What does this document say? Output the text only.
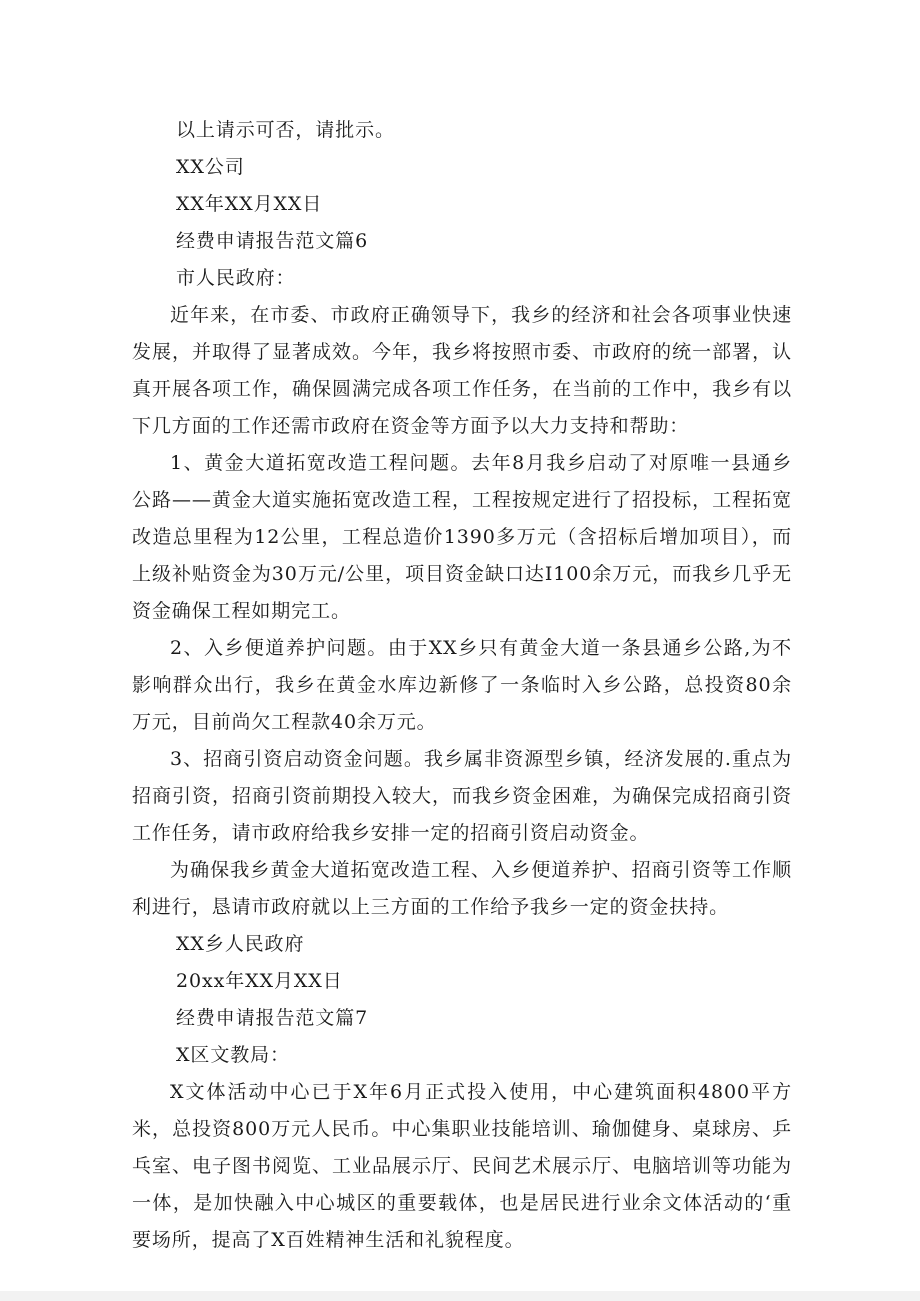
以上请示可否，请批示。

XX公司

XX年XX月XX日

经费申请报告范文篇6

市人民政府：

近年来，在市委、市政府正确领导下，我乡的经济和社会各项事业快速发展，并取得了显著成效。今年，我乡将按照市委、市政府的统一部署，认真开展各项工作，确保圆满完成各项工作任务，在当前的工作中，我乡有以下几方面的工作还需市政府在资金等方面予以大力支持和帮助：

1、黄金大道拓宽改造工程问题。去年8月我乡启动了对原唯一县通乡公路——黄金大道实施拓宽改造工程，工程按规定进行了招投标，工程拓宽改造总里程为12公里，工程总造价1390多万元（含招标后增加项目），而上级补贴资金为30万元/公里，项目资金缺口达I100余万元，而我乡几乎无资金确保工程如期完工。

2、入乡便道养护问题。由于XX乡只有黄金大道一条县通乡公路,为不影响群众出行，我乡在黄金水库边新修了一条临时入乡公路，总投资80余万元，目前尚欠工程款40余万元。

3、招商引资启动资金问题。我乡属非资源型乡镇，经济发展的.重点为招商引资，招商引资前期投入较大，而我乡资金困难，为确保完成招商引资工作任务，请市政府给我乡安排一定的招商引资启动资金。

为确保我乡黄金大道拓宽改造工程、入乡便道养护、招商引资等工作顺利进行，恳请市政府就以上三方面的工作给予我乡一定的资金扶持。

XX乡人民政府

20xx年XX月XX日

经费申请报告范文篇7

X区文教局：

X文体活动中心已于X年6月正式投入使用，中心建筑面积4800平方米，总投资800万元人民币。中心集职业技能培训、瑜伽健身、桌球房、乒乓室、电子图书阅览、工业品展示厅、民间艺术展示厅、电脑培训等功能为一体，是加快融入中心城区的重要载体，也是居民进行业余文体活动的‘重要场所，提高了X百姓精神生活和礼貌程度。
